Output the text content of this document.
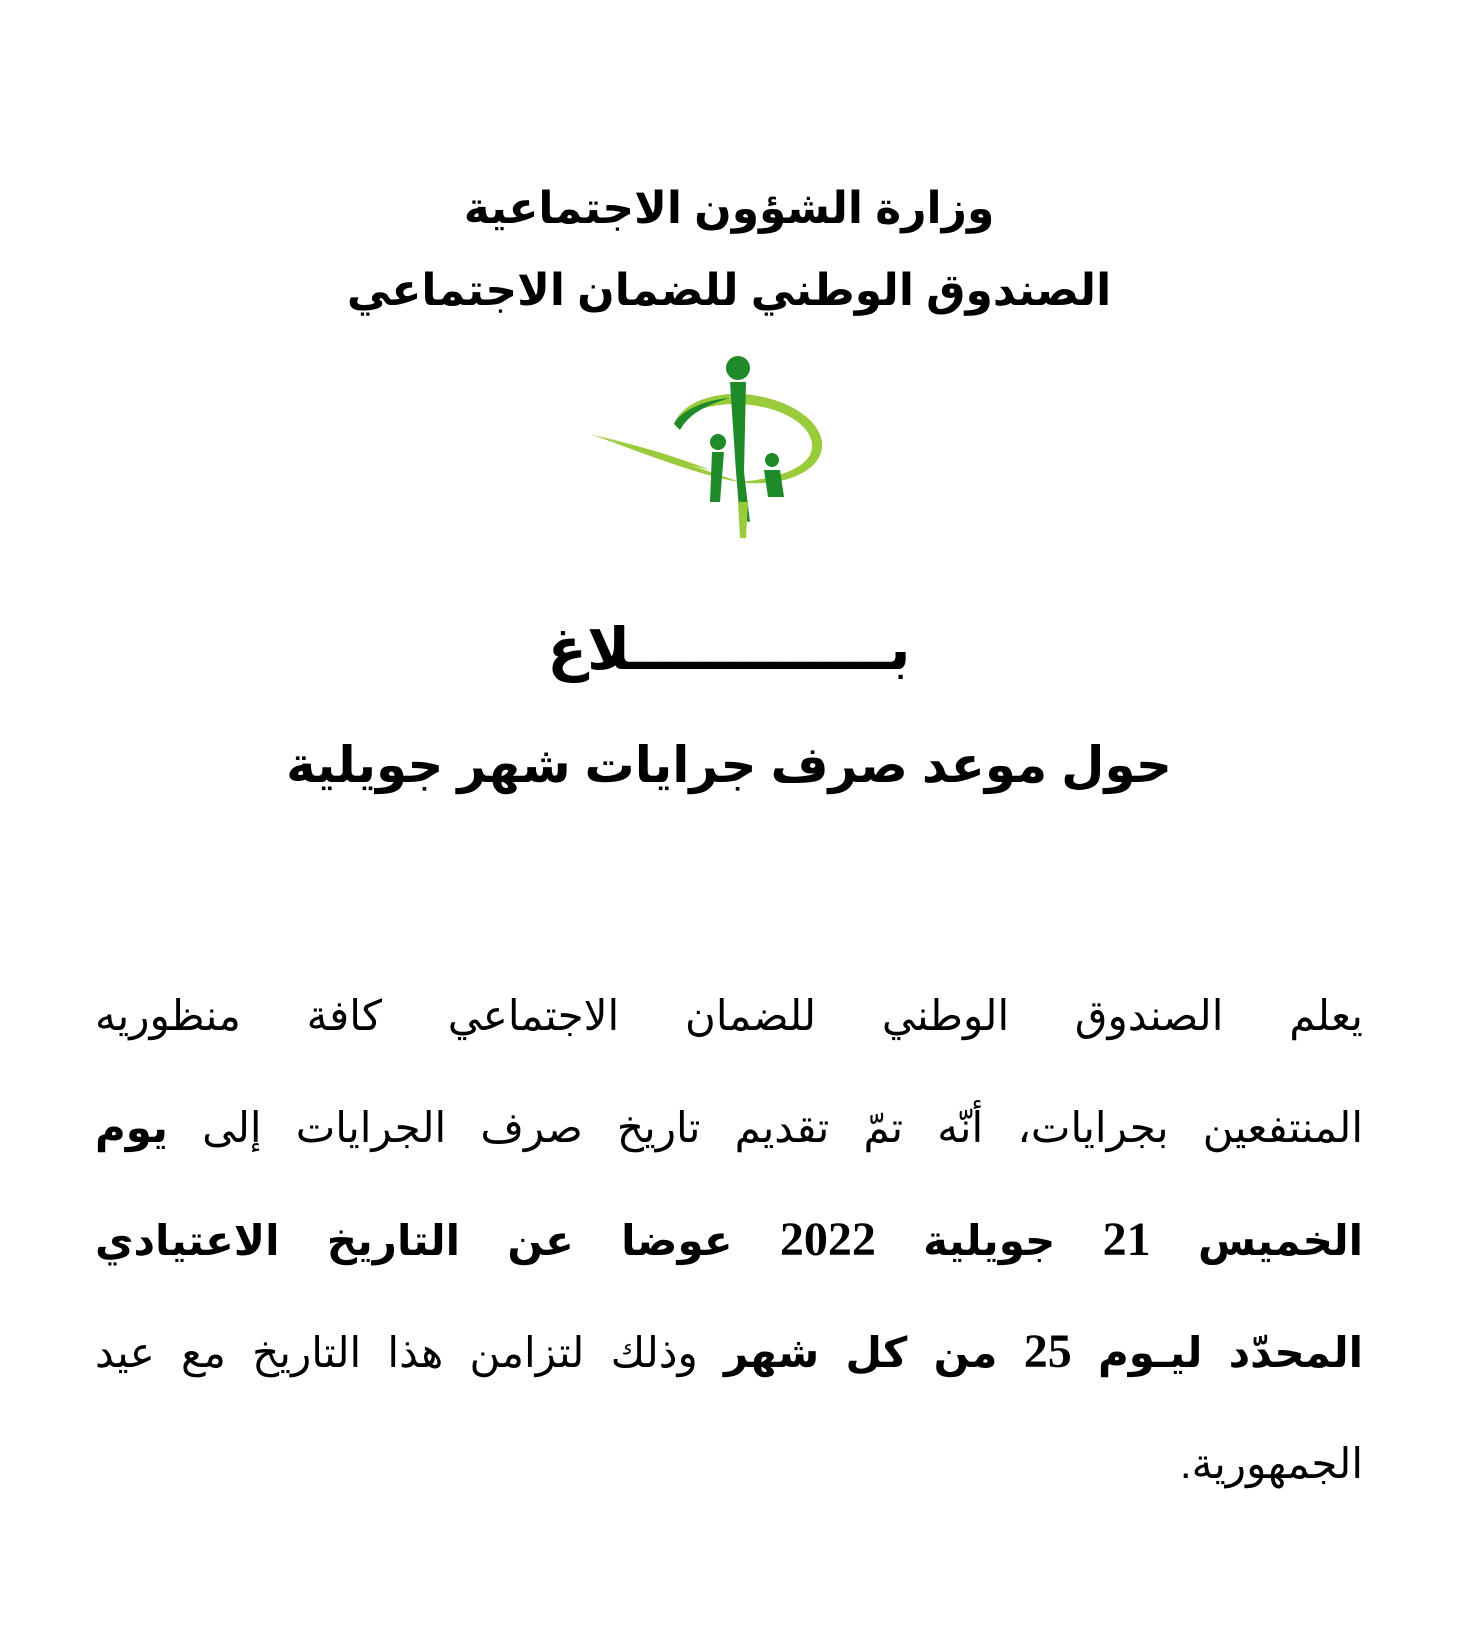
وزارة الشؤون الاجتماعية
الصندوق الوطني للضمان الاجتماعي
بـــــــــــــلاغ
حول موعد صرف جرايات شهر جويلية
يعلم الصندوق الوطني للضمان الاجتماعي كافة منظوريه
المنتفعين بجرايات، أنّه تمّ تقديم تاريخ صرف الجرايات إلى يوم
الخميس 21 جويلية 2022 عوضا عن التاريخ الاعتيادي
المحدّد ليـوم 25 من كل شهر وذلك لتزامن هذا التاريخ مع عيد
الجمهورية.
